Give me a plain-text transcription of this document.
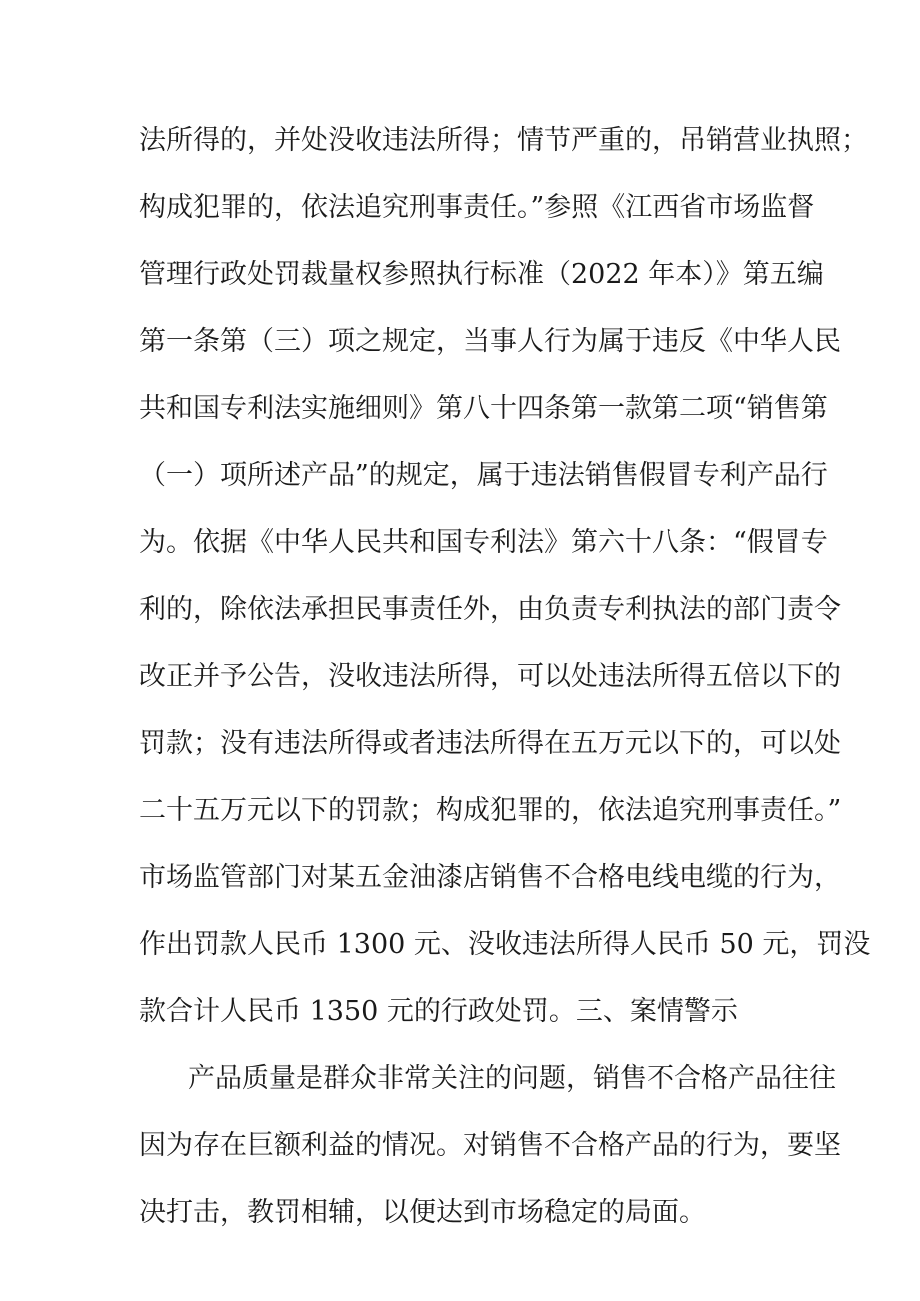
法所得的，并处没收违法所得；情节严重的，吊销营业执照；
构成犯罪的，依法追究刑事责任。”参照《江西省市场监督
管理行政处罚裁量权参照执行标准（2022 年本）》第五编
第一条第（三）项之规定，当事人行为属于违反《中华人民
共和国专利法实施细则》第八十四条第一款第二项“销售第
（一）项所述产品”的规定，属于违法销售假冒专利产品行
为。依据《中华人民共和国专利法》第六十八条：“假冒专
利的，除依法承担民事责任外，由负责专利执法的部门责令
改正并予公告，没收违法所得，可以处违法所得五倍以下的
罚款；没有违法所得或者违法所得在五万元以下的，可以处
二十五万元以下的罚款；构成犯罪的，依法追究刑事责任。”
市场监管部门对某五金油漆店销售不合格电线电缆的行为，
作出罚款人民币 1300 元、没收违法所得人民币 50 元，罚没
款合计人民币 1350 元的行政处罚。三、案情警示
产品质量是群众非常关注的问题，销售不合格产品往往
因为存在巨额利益的情况。对销售不合格产品的行为，要坚
决打击，教罚相辅，以便达到市场稳定的局面。
